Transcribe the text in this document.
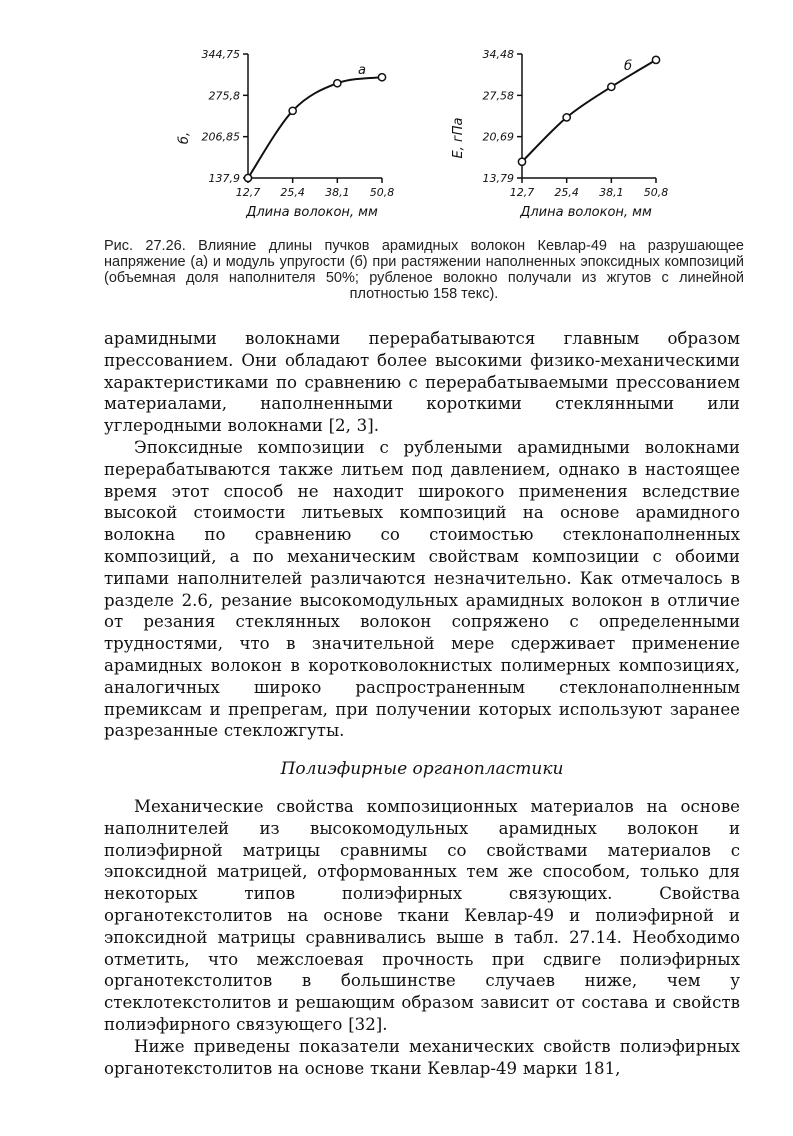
б,
Длина волокон, мм
a
137,9
206,85
275,8
344,75
12,7 25,4 38,1 50,8
E, гПа
Длина волокон, мм
б
13,79
20,69
27,58
34,48
12,7 25,4 38,1 50,8
Рис. 27.26. Влияние длины пучков арамидных волокон Кевлар-49 на разрушающее напряжение (а) и модуль упругости (б) при растяжении наполненных эпоксидных композиций (объемная доля наполнителя 50%; рубленое волокно получали из жгутов с линейной плотностью 158 текс).

арамидными волокнами перерабатываются главным образом прессованием. Они обладают более высокими физико-механическими характеристиками по сравнению с перерабатываемыми прессованием материалами, наполненными короткими стеклянными или углеродными волокнами [2, 3].

Эпоксидные композиции с рублеными арамидными волокнами перерабатываются также литьем под давлением, однако в настоящее время этот способ не находит широкого применения вследствие высокой стоимости литьевых композиций на основе арамидного волокна по сравнению со стоимостью стеклонаполненных композиций, а по механическим свойствам композиции с обоими типами наполнителей различаются незначительно. Как отмечалось в разделе 2.6, резание высокомодульных арамидных волокон в отличие от резания стеклянных волокон сопряжено с определенными трудностями, что в значительной мере сдерживает применение арамидных волокон в коротковолокнистых полимерных композициях, аналогичных широко распространенным стеклонаполненным премиксам и препрегам, при получении которых используют заранее разрезанные стекложгуты.

Полиэфирные органопластики

Механические свойства композиционных материалов на основе наполнителей из высокомодульных арамидных волокон и полиэфирной матрицы сравнимы со свойствами материалов с эпоксидной матрицей, отформованных тем же способом, только для некоторых типов полиэфирных связующих. Свойства органотекстолитов на основе ткани Кевлар-49 и полиэфирной и эпоксидной матрицы сравнивались выше в табл. 27.14. Необходимо отметить, что межслоевая прочность при сдвиге полиэфирных органотекстолитов в большинстве случаев ниже, чем у стеклотекстолитов и решающим образом зависит от состава и свойств полиэфирного связующего [32].

Ниже приведены показатели механических свойств полиэфирных органотекстолитов на основе ткани Кевлар-49 марки 181,
